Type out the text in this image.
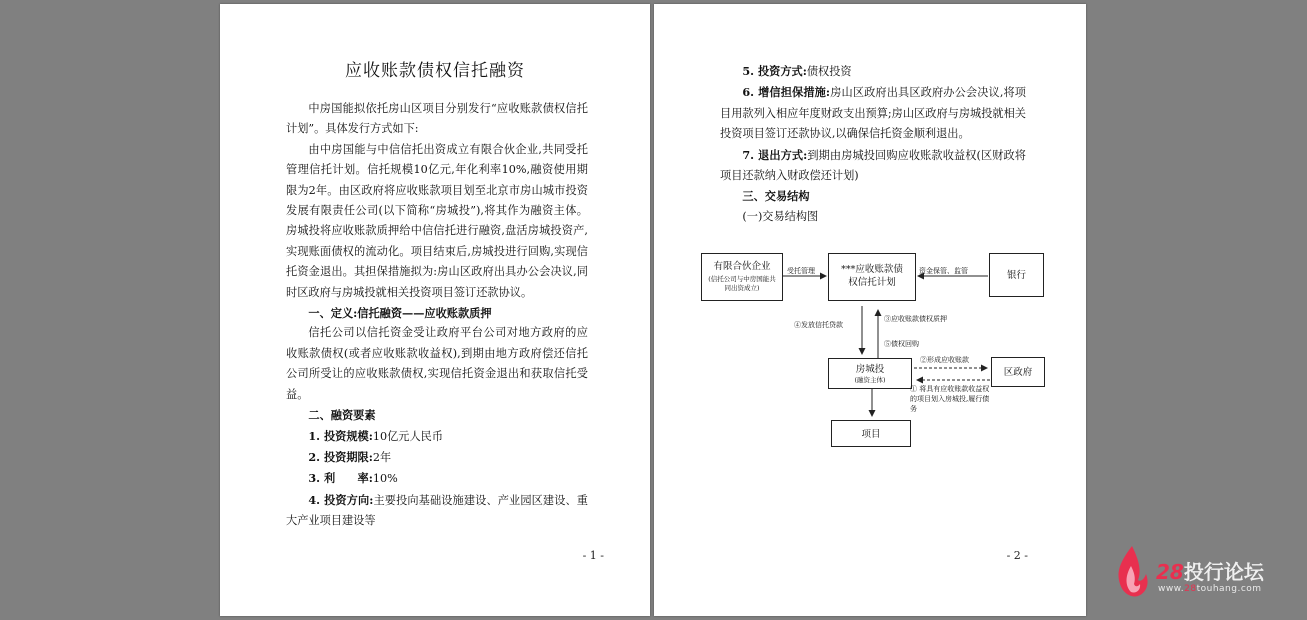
应收账款债权信托融资

中房国能拟依托房山区项目分别发行“应收账款债权信托计划”。具体发行方式如下:

由中房国能与中信信托出资成立有限合伙企业,共同受托管理信托计划。信托规模10亿元,年化利率10%,融资使用期限为2年。由区政府将应收账款项目划至北京市房山城市投资发展有限责任公司(以下简称“房城投”),将其作为融资主体。房城投将应收账款质押给中信信托进行融资,盘活房城投资产,实现账面债权的流动化。项目结束后,房城投进行回购,实现信托资金退出。其担保措施拟为:房山区政府出具办公会决议,同时区政府与房城投就相关投资项目签订还款协议。

一、定义:信托融资——应收账款质押

信托公司以信托资金受让政府平台公司对地方政府的应收账款债权(或者应收账款收益权),到期由地方政府偿还信托公司所受让的应收账款债权,实现信托资金退出和获取信托受益。

二、融资要素

1. 投资规模:10亿元人民币

2. 投资期限:2年

3. 利　　率:10%

4. 投资方向:主要投向基础设施建设、产业园区建设、重大产业项目建设等

- 1 -

5. 投资方式:债权投资

6. 增信担保措施:房山区政府出具区政府办公会决议,将项目用款列入相应年度财政支出预算;房山区政府与房城投就相关投资项目签订还款协议,以确保信托资金顺利退出。

7. 退出方式:到期由房城投回购应收账款收益权(区财政将项目还款纳入财政偿还计划)

三、交易结构

(一)交易结构图

有限合伙企业
(信托公司与中房国能共同出资成立)
***应收账款债权信托计划
银行
房城投
(融资主体)
区政府
项目
受托管理	资金保管、监管
④发放信托贷款
③应收账款债权质押
⑤债权回购
②形成应收账款
① 将具有应收账款收益权的项目划入房城投,履行债务
- 2 -
28投行论坛
www.28touhang.com
